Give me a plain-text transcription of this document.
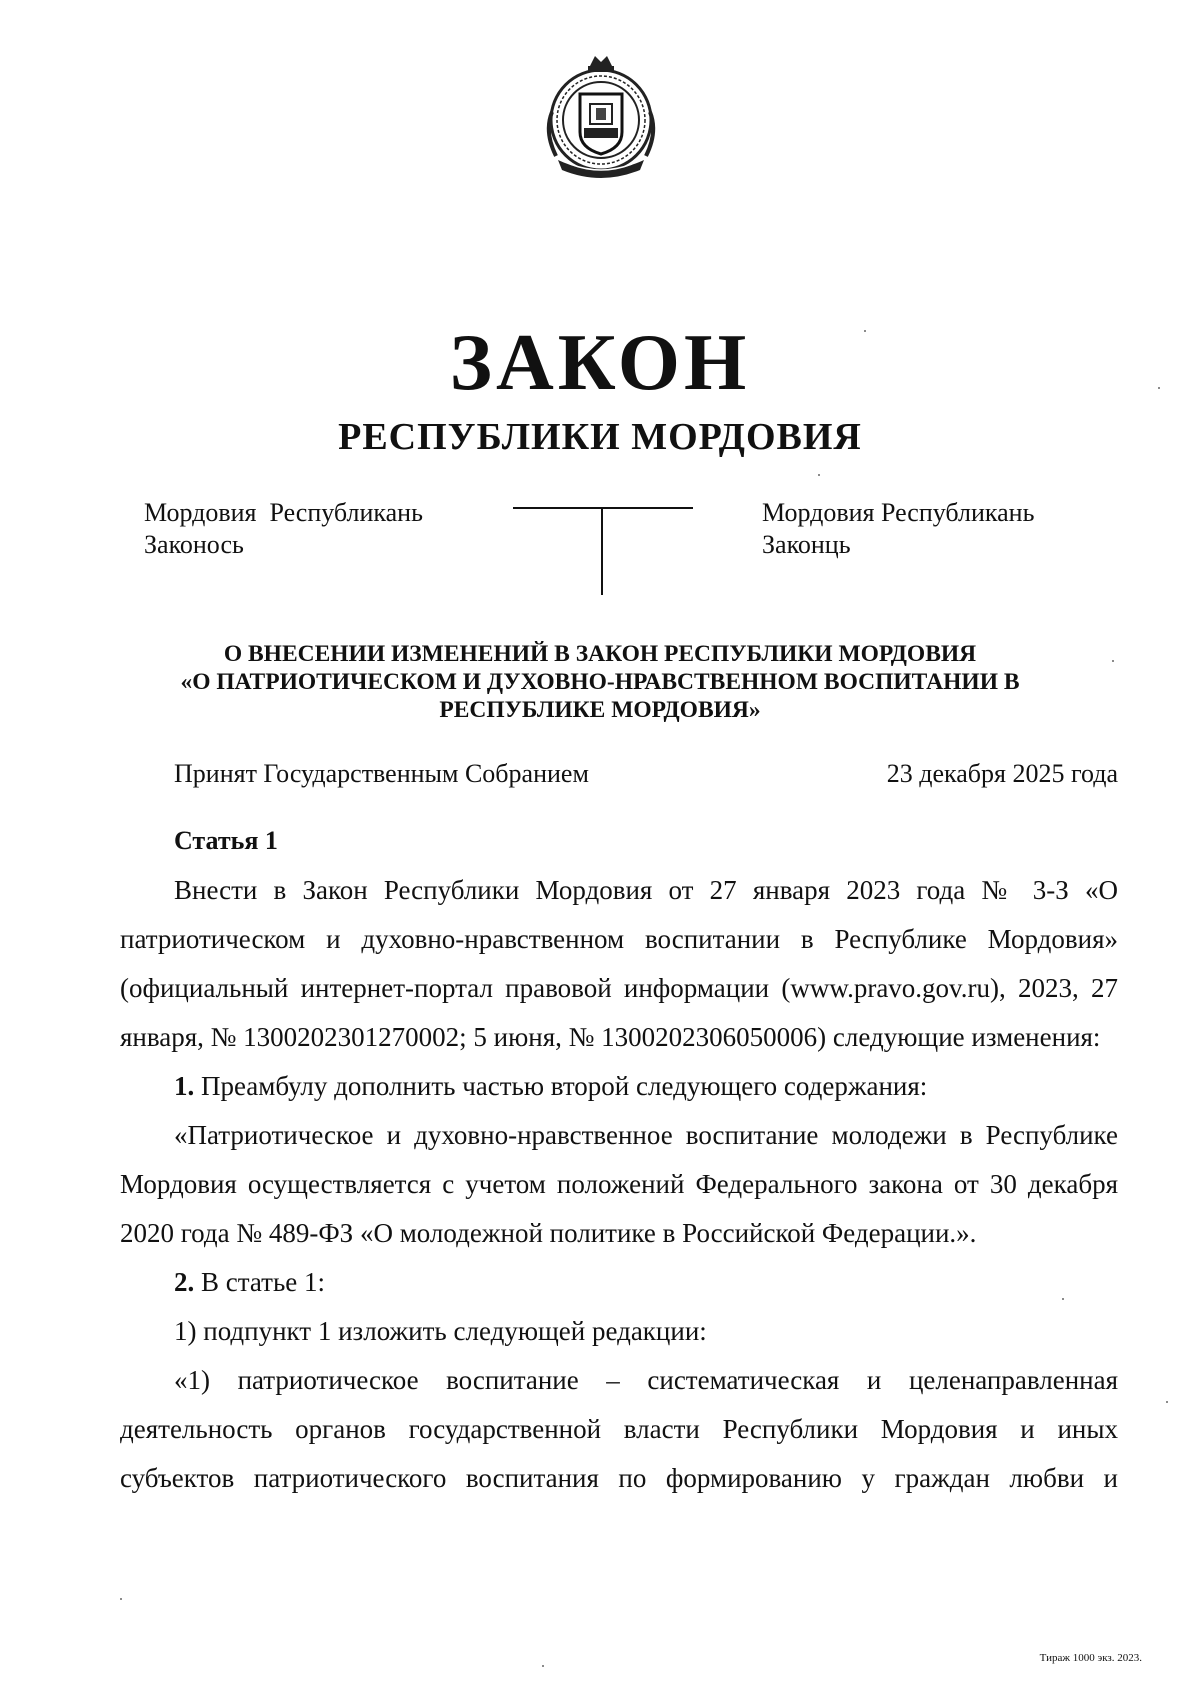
ЗАКОН
РЕСПУБЛИКИ МОРДОВИЯ
Мордовия  Республикань
Законось
Мордовия Республикань
Законць
О ВНЕСЕНИИ ИЗМЕНЕНИЙ В ЗАКОН РЕСПУБЛИКИ МОРДОВИЯ
«О ПАТРИОТИЧЕСКОМ И ДУХОВНО-НРАВСТВЕННОМ ВОСПИТАНИИ В
РЕСПУБЛИКЕ МОРДОВИЯ»
Принят Государственным Собранием	23 декабря 2025 года
Статья 1

Внести в Закон Республики Мордовия от 27 января 2023 года № 3-З «О патриотическом и духовно-нравственном воспитании в Республике Мордовия» (официальный интернет-портал правовой информации (www.pravo.gov.ru), 2023, 27 января, № 1300202301270002; 5 июня, № 1300202306050006) следующие изменения:

1. Преамбулу дополнить частью второй следующего содержания:

«Патриотическое и духовно-нравственное воспитание молодежи в Республике Мордовия осуществляется с учетом положений Федерального закона от 30 декабря 2020 года № 489-ФЗ «О молодежной политике в Российской Федерации.».

2. В статье 1:

1) подпункт 1 изложить следующей редакции:

«1) патриотическое воспитание – систематическая и целенаправленная деятельность органов государственной власти Республики Мордовия и иных субъектов патриотического воспитания по формированию у граждан любви и

Тираж 1000 экз. 2023.
